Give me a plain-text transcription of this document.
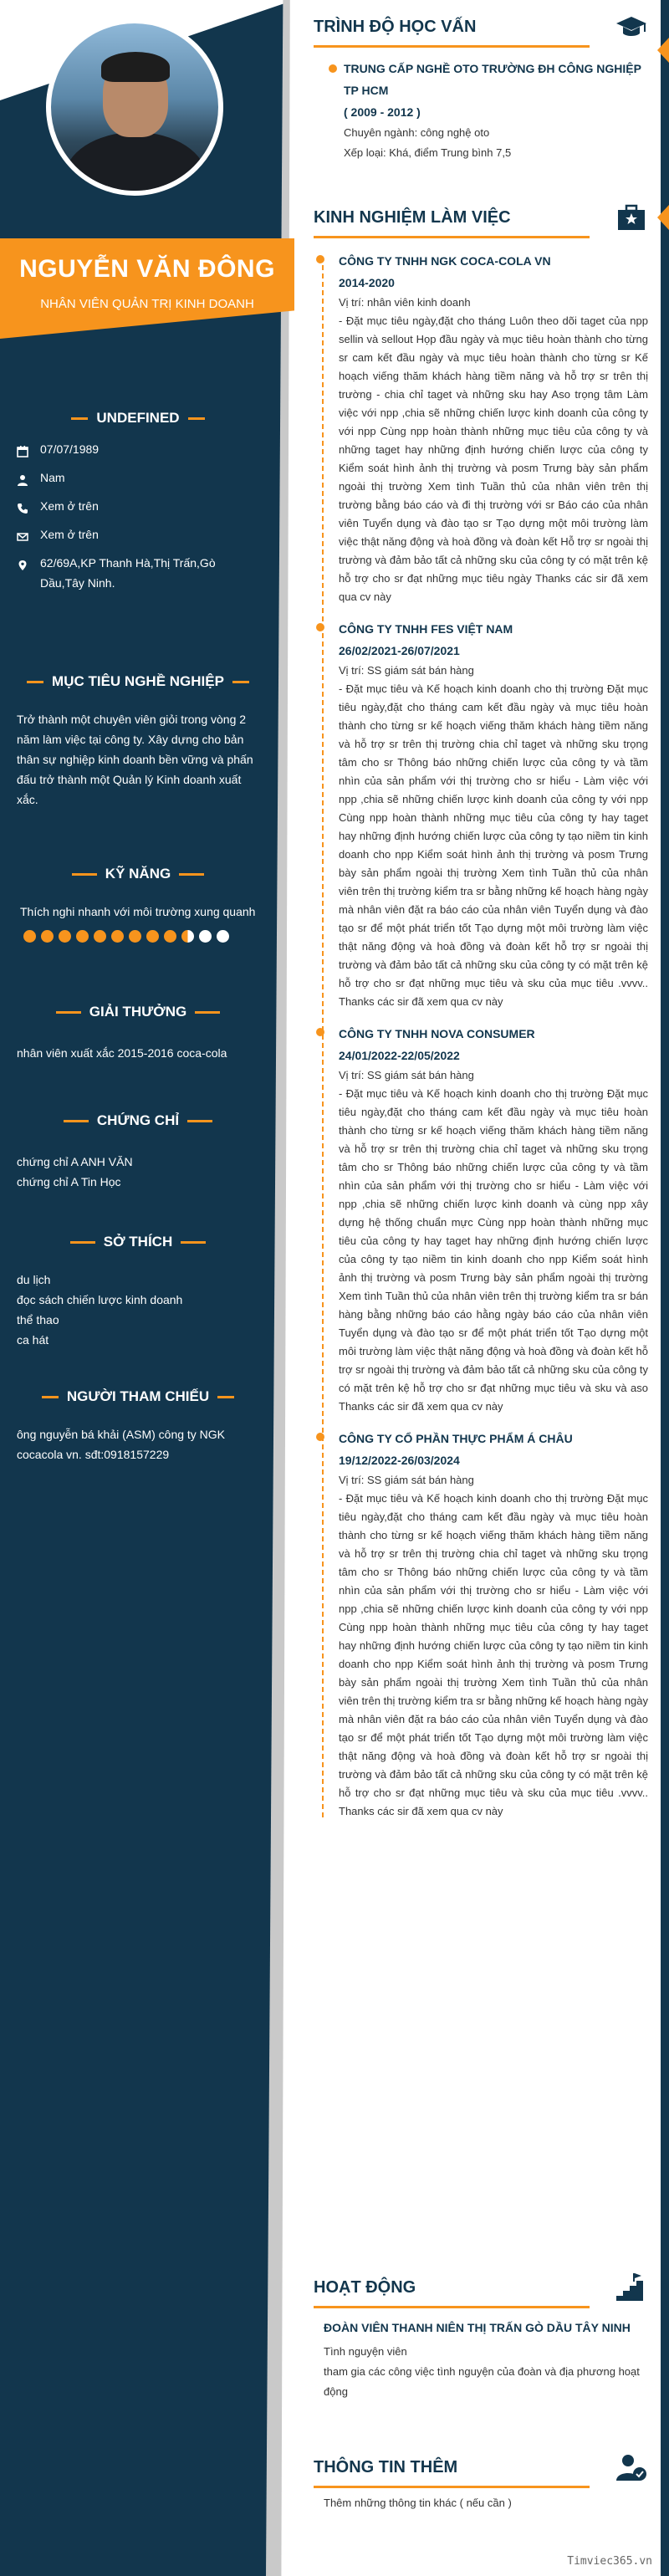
NGUYỄN VĂN ĐÔNG
NHÂN VIÊN QUẢN TRỊ KINH DOANH
UNDEFINED
07/07/1989
Nam
Xem ở trên
Xem ở trên
62/69A,KP Thanh Hà,Thị Trấn,Gò Dầu,Tây Ninh.
MỤC TIÊU NGHỀ NGHIỆP
Trở thành một chuyên viên giỏi trong vòng 2 năm làm việc tại công ty. Xây dựng cho bản thân sự nghiệp kinh doanh bền vững và phấn đấu trở thành một Quản lý Kinh doanh xuất xắc.
KỸ NĂNG
Thích nghi nhanh với môi trường xung quanh
GIẢI THƯỞNG
nhân viên xuất xắc 2015-2016 coca-cola
CHỨNG CHỈ
chứng chỉ A ANH VĂN
chứng chỉ A Tin Học
SỞ THÍCH
du lịch
đọc sách chiến lược kinh doanh
thể thao
ca hát
NGƯỜI THAM CHIẾU
ông nguyễn bá khải (ASM) công ty NGK cocacola vn. sđt:0918157229
TRÌNH ĐỘ HỌC VẤN
TRUNG CẤP NGHỀ OTO TRƯỜNG ĐH CÔNG NGHIỆP TP HCM
( 2009 - 2012 )
Chuyên ngành: công nghệ oto
Xếp loại: Khá, điểm Trung bình 7,5
KINH NGHIỆM LÀM VIỆC
CÔNG TY TNHH NGK COCA-COLA VN
2014-2020
Vị trí: nhân viên kinh doanh
- Đặt mục tiêu ngày,đặt cho tháng Luôn theo dõi taget của npp sellin và sellout Họp đầu ngày và mục tiêu hoàn thành cho từng sr cam kết đầu ngày và mục tiêu hoàn thành cho từng sr Kế hoạch viếng thăm khách hàng tiềm năng và hỗ trợ sr trên thị trường - chia chỉ taget và những sku hay Aso trọng tâm Làm việc với npp ,chia sẽ những chiến lược kinh doanh của công ty với npp Cùng npp hoàn thành những mục tiêu của công ty và những taget hay những định hướng chiến lược của công ty Kiểm soát hình ảnh thị trường và posm Trưng bày sản phẩm ngoài thị trường Xem tình Tuần thủ của nhân viên trên thị trường bằng báo cáo và đi thị trường với sr Báo cáo của nhân viên Tuyển dụng và đào tạo sr Tạo dựng một môi trường làm việc thật năng động và hoà đồng và đoàn kết Hỗ trợ sr ngoài thị trường và đảm bảo tất cả những sku của công ty có mặt trên kệ hỗ trợ cho sr đạt những mục tiêu ngày Thanks các sir đã xem qua cv này
CÔNG TY TNHH FES VIỆT NAM
26/02/2021-26/07/2021
Vị trí: SS giám sát bán hàng
- Đặt mục tiêu và Kế hoạch kinh doanh cho thị trường Đặt mục tiêu ngày,đặt cho tháng cam kết đầu ngày và mục tiêu hoàn thành cho từng sr kế hoạch viếng thăm khách hàng tiềm năng và hỗ trợ sr trên thị trường chia chỉ taget và những sku trọng tâm cho sr Thông báo những chiến lược của công ty và tầm nhìn của sản phẩm với thị trường cho sr hiểu - Làm việc với npp ,chia sẽ những chiến lược kinh doanh của công ty với npp Cùng npp hoàn thành những mục tiêu của công ty hay taget hay những định hướng chiến lược của công ty tạo niềm tin kinh doanh cho npp Kiểm soát hình ảnh thị trường và posm Trưng bày sản phẩm ngoài thị trường Xem tình Tuần thủ của nhân viên trên thị trường kiểm tra sr bằng những kế hoạch hàng ngày mà nhân viên đặt ra báo cáo của nhân viên Tuyển dụng và đào tạo sr để một phát triển tốt Tạo dựng một môi trường làm việc thật năng động và hoà đồng và đoàn kết hỗ trợ sr ngoài thị trường và đảm bảo tất cả những sku của công ty có mặt trên kệ hỗ trợ cho sr đạt những mục tiêu và sku của mục tiêu .vvvv.. Thanks các sir đã xem qua cv này
CÔNG TY TNHH NOVA CONSUMER
24/01/2022-22/05/2022
Vị trí: SS giám sát bán hàng
- Đặt mục tiêu và Kế hoạch kinh doanh cho thị trường Đặt mục tiêu ngày,đặt cho tháng cam kết đầu ngày và mục tiêu hoàn thành cho từng sr kế hoạch viếng thăm khách hàng tiềm năng và hỗ trợ sr trên thị trường chia chỉ taget và những sku trọng tâm cho sr Thông báo những chiến lược của công ty và tầm nhìn của sản phẩm với thị trường cho sr hiểu - Làm việc với npp ,chia sẽ những chiến lược kinh doanh và cùng npp xây dựng hệ thống chuẩn mực Cùng npp hoàn thành những mục tiêu của công ty hay taget hay những định hướng chiến lược của công ty tạo niềm tin kinh doanh cho npp Kiểm soát hình ảnh thị trường và posm Trưng bày sản phẩm ngoài thị trường Xem tình Tuần thủ của nhân viên trên thị trường kiểm tra sr bán hàng bằng những báo cáo hằng ngày báo cáo của nhân viên Tuyển dụng và đào tạo sr để một phát triển tốt Tạo dựng một môi trường làm việc thật năng động và hoà đồng và đoàn kết hỗ trợ sr ngoài thị trường và đảm bảo tất cả những sku của công ty có mặt trên kệ hỗ trợ cho sr đạt những mục tiêu và sku và aso Thanks các sir đã xem qua cv này
CÔNG TY CỔ PHẦN THỰC PHẨM Á CHÂU
19/12/2022-26/03/2024
Vị trí: SS giám sát bán hàng
- Đặt mục tiêu và Kế hoạch kinh doanh cho thị trường Đặt mục tiêu ngày,đặt cho tháng cam kết đầu ngày và mục tiêu hoàn thành cho từng sr kế hoạch viếng thăm khách hàng tiềm năng và hỗ trợ sr trên thị trường chia chỉ taget và những sku trọng tâm cho sr Thông báo những chiến lược của công ty và tầm nhìn của sản phẩm với thị trường cho sr hiểu - Làm việc với npp ,chia sẽ những chiến lược kinh doanh của công ty với npp Cùng npp hoàn thành những mục tiêu của công ty hay taget hay những định hướng chiến lược của công ty tạo niềm tin kinh doanh cho npp Kiểm soát hình ảnh thị trường và posm Trưng bày sản phẩm ngoài thị trường Xem tình Tuần thủ của nhân viên trên thị trường kiểm tra sr bằng những kế hoạch hàng ngày mà nhân viên đặt ra báo cáo của nhân viên Tuyển dụng và đào tạo sr để một phát triển tốt Tạo dựng một môi trường làm việc thật năng động và hoà đồng và đoàn kết hỗ trợ sr ngoài thị trường và đảm bảo tất cả những sku của công ty có mặt trên kệ hỗ trợ cho sr đạt những mục tiêu và sku của mục tiêu .vvvv.. Thanks các sir đã xem qua cv này
HOẠT ĐỘNG
ĐOÀN VIÊN THANH NIÊN THỊ TRẤN GÒ DẦU TÂY NINH
Tình nguyện viên
tham gia các công việc tình nguyện của đoàn và địa phương hoạt động
THÔNG TIN THÊM
Thêm những thông tin khác ( nếu cần )
Timviec365.vn
